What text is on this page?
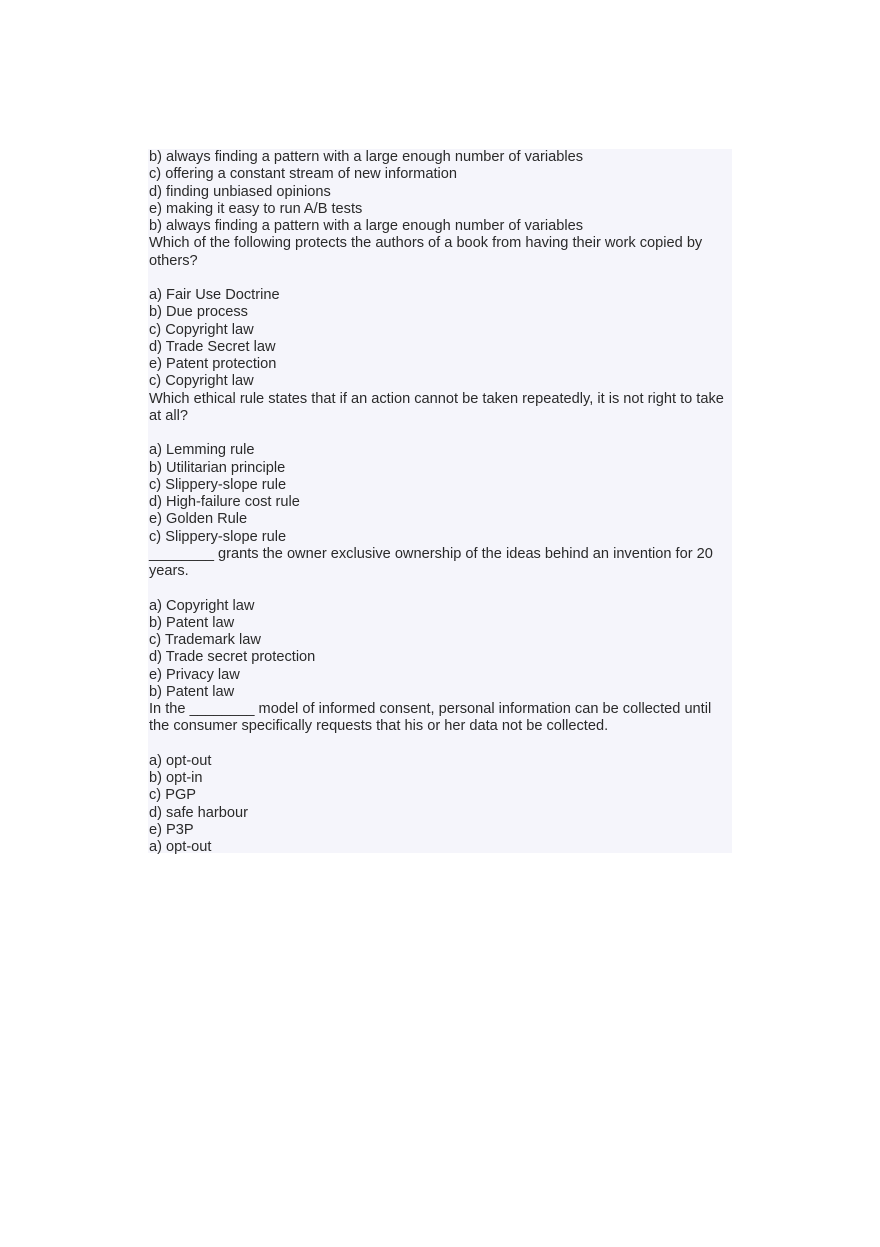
b) always finding a pattern with a large enough number of variables

c) offering a constant stream of new information

d) finding unbiased opinions

e) making it easy to run A/B tests

b) always finding a pattern with a large enough number of variables

Which of the following protects the authors of a book from having their work copied by others?

a) Fair Use Doctrine
b) Due process
c) Copyright law
d) Trade Secret law
e) Patent protection

c) Copyright law

Which ethical rule states that if an action cannot be taken repeatedly, it is not right to take at all?

a) Lemming rule
b) Utilitarian principle
c) Slippery-slope rule
d) High-failure cost rule
e) Golden Rule

c) Slippery-slope rule

________ grants the owner exclusive ownership of the ideas behind an invention for 20 years.

a) Copyright law
b) Patent law
c) Trademark law
d) Trade secret protection
e) Privacy law

b) Patent law

In the ________ model of informed consent, personal information can be collected until the consumer specifically requests that his or her data not be collected.

a) opt-out
b) opt-in
c) PGP
d) safe harbour
e) P3P

a) opt-out
